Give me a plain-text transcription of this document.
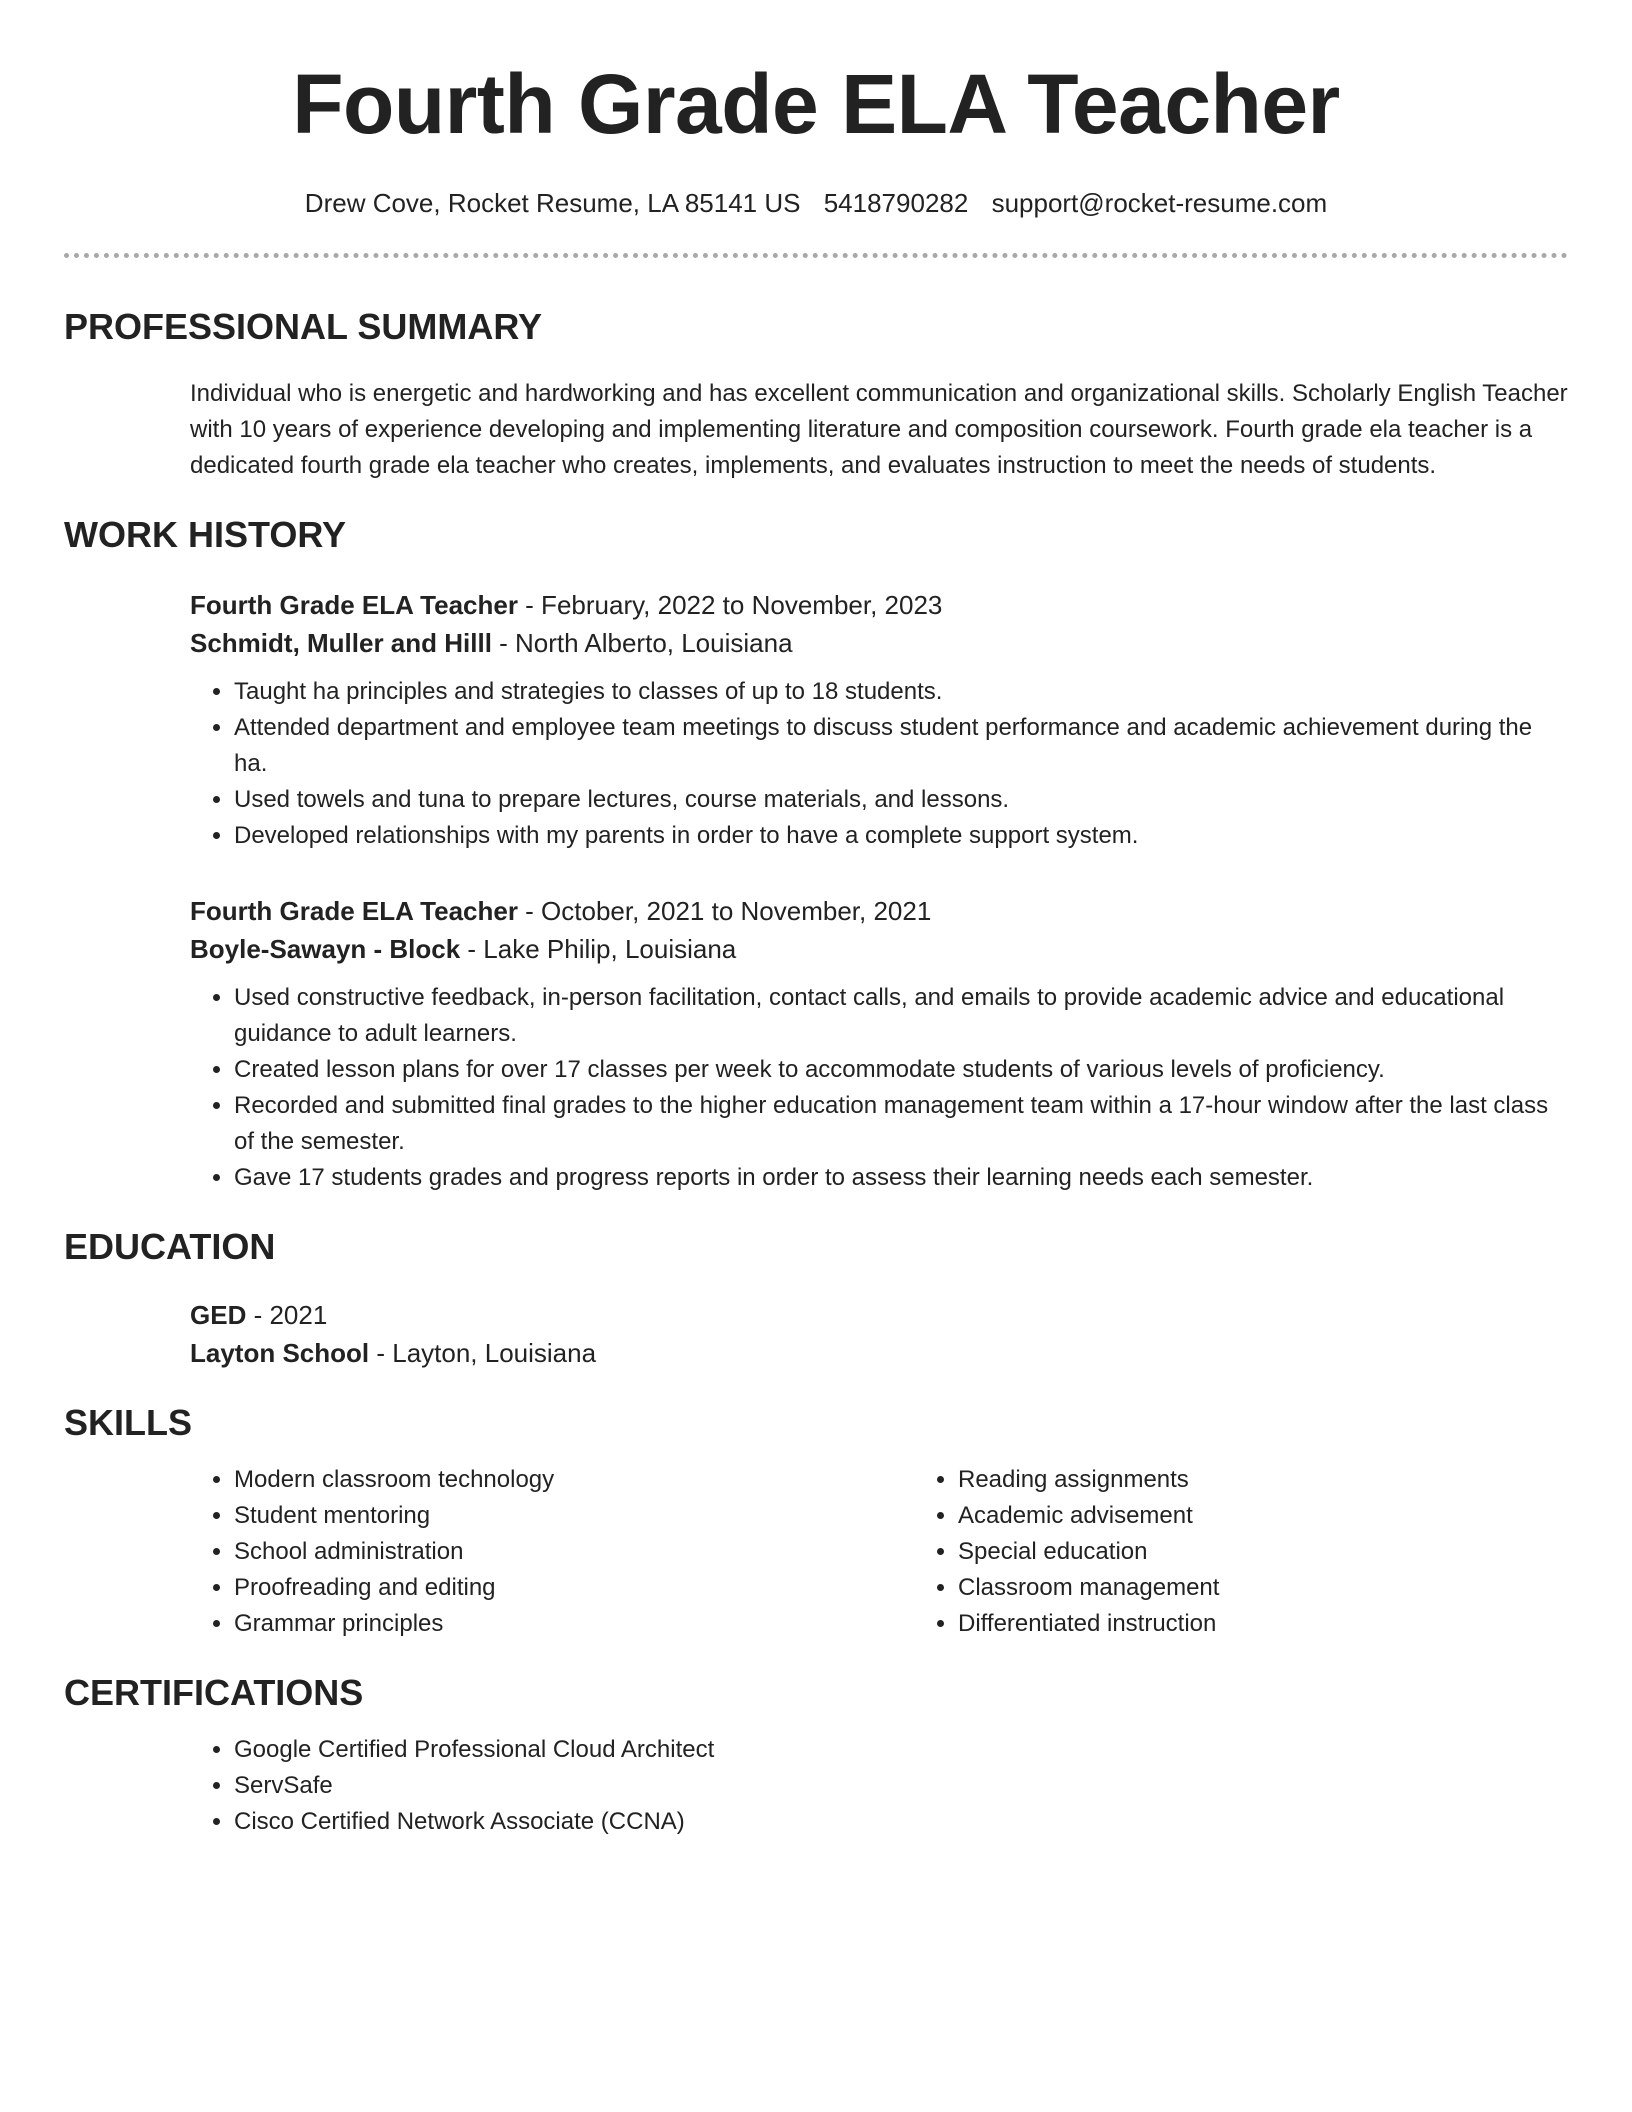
Fourth Grade ELA Teacher
Drew Cove, Rocket Resume, LA 85141 US 5418790282 support@rocket-resume.com
PROFESSIONAL SUMMARY
Individual who is energetic and hardworking and has excellent communication and organizational skills. Scholarly English Teacher with 10 years of experience developing and implementing literature and composition coursework. Fourth grade ela teacher is a dedicated fourth grade ela teacher who creates, implements, and evaluates instruction to meet the needs of students.
WORK HISTORY
Fourth Grade ELA Teacher - February, 2022 to November, 2023
Schmidt, Muller and Hilll - North Alberto, Louisiana
• Taught ha principles and strategies to classes of up to 18 students.
• Attended department and employee team meetings to discuss student performance and academic achievement during the ha.
• Used towels and tuna to prepare lectures, course materials, and lessons.
• Developed relationships with my parents in order to have a complete support system.
Fourth Grade ELA Teacher - October, 2021 to November, 2021
Boyle-Sawayn - Block - Lake Philip, Louisiana
• Used constructive feedback, in-person facilitation, contact calls, and emails to provide academic advice and educational guidance to adult learners.
• Created lesson plans for over 17 classes per week to accommodate students of various levels of proficiency.
• Recorded and submitted final grades to the higher education management team within a 17-hour window after the last class of the semester.
• Gave 17 students grades and progress reports in order to assess their learning needs each semester.
EDUCATION
GED - 2021
Layton School - Layton, Louisiana
SKILLS
• Modern classroom technology
• Student mentoring
• School administration
• Proofreading and editing
• Grammar principles
• Reading assignments
• Academic advisement
• Special education
• Classroom management
• Differentiated instruction
CERTIFICATIONS
• Google Certified Professional Cloud Architect
• ServSafe
• Cisco Certified Network Associate (CCNA)
